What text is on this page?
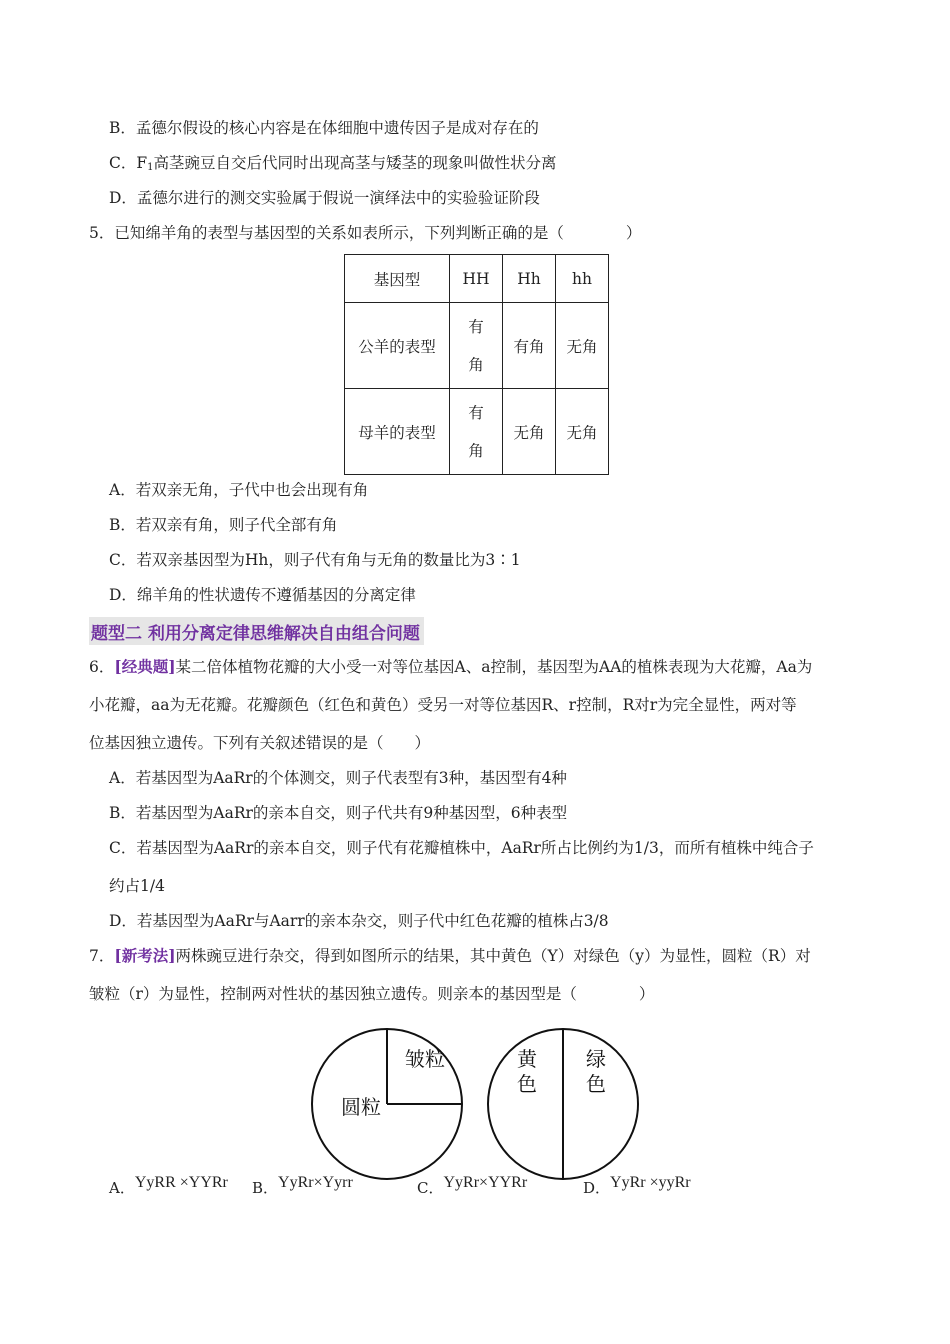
B．孟德尔假设的核心内容是在体细胞中遗传因子是成对存在的
C．$F_1$高茎豌豆自交后代同时出现高茎与矮茎的现象叫做性状分离
D．孟德尔进行的测交实验属于假说一演绎法中的实验验证阶段
5．已知绵羊角的表型与基因型的关系如表所示，下列判断正确的是（　　　　）
基因型	HH	Hh	hh
公羊的表型	有角	有角	无角
母羊的表型	有角	无角	无角
A．若双亲无角，子代中也会出现有角
B．若双亲有角，则子代全部有角
C．若双亲基因型为Hh，则子代有角与无角的数量比为3∶1
D．绵羊角的性状遗传不遵循基因的分离定律
题型二 利用分离定律思维解决自由组合问题
6．[经典题]某二倍体植物花瓣的大小受一对等位基因A、a控制，基因型为AA的植株表现为大花瓣，Aa为
小花瓣，aa为无花瓣。花瓣颜色（红色和黄色）受另一对等位基因R、r控制，R对r为完全显性，两对等
位基因独立遗传。下列有关叙述错误的是（　　）
A．若基因型为AaRr的个体测交，则子代表型有3种，基因型有4种
B．若基因型为AaRr的亲本自交，则子代共有9种基因型，6种表型
C．若基因型为AaRr的亲本自交，则子代有花瓣植株中，AaRr所占比例约为1/3，而所有植株中纯合子
约占1/4
D．若基因型为AaRr与Aarr的亲本杂交，则子代中红色花瓣的植株占3/8
7．[新考法]两株豌豆进行杂交，得到如图所示的结果，其中黄色（Y）对绿色（y）为显性，圆粒（R）对
皱粒（r）为显性，控制两对性状的基因独立遗传。则亲本的基因型是（　　　　）
皱粒
圆粒
黄
色
绿
色
A．YyRR ×YYRr B．YyRr×Yyrr	C．YyRr×YYRr	D．YyRr ×yyRr
